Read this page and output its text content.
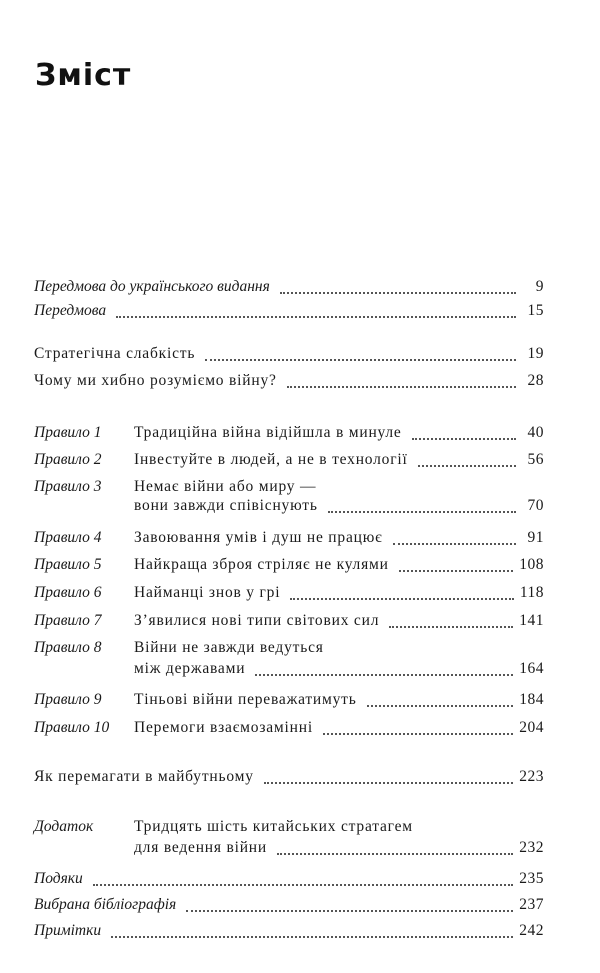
Зміст
Передмова до українського видання	9
Передмова	15
Стратегічна слабкість	19
Чому ми хибно розуміємо війну?	28
Правило 1	Традиційна війна відійшла в минуле	40
Правило 2	Інвестуйте в людей, а не в технології	56
Правило 3	Немає війни або миру —
вони завжди співіснують	70
Правило 4	Завоювання умів і душ не працює	91
Правило 5	Найкраща зброя стріляє не кулями	108
Правило 6	Найманці знов у грі	118
Правило 7	З’явилися нові типи світових сил	141
Правило 8	Війни не завжди ведуться
між державами	164
Правило 9	Тіньові війни переважатимуть	184
Правило 10	Перемоги взаємозамінні	204
Як перемагати в майбутньому	223
Додаток	Тридцять шість китайських стратагем
для ведення війни	232
Подяки	235
Вибрана бібліографія	237
Примітки	242
